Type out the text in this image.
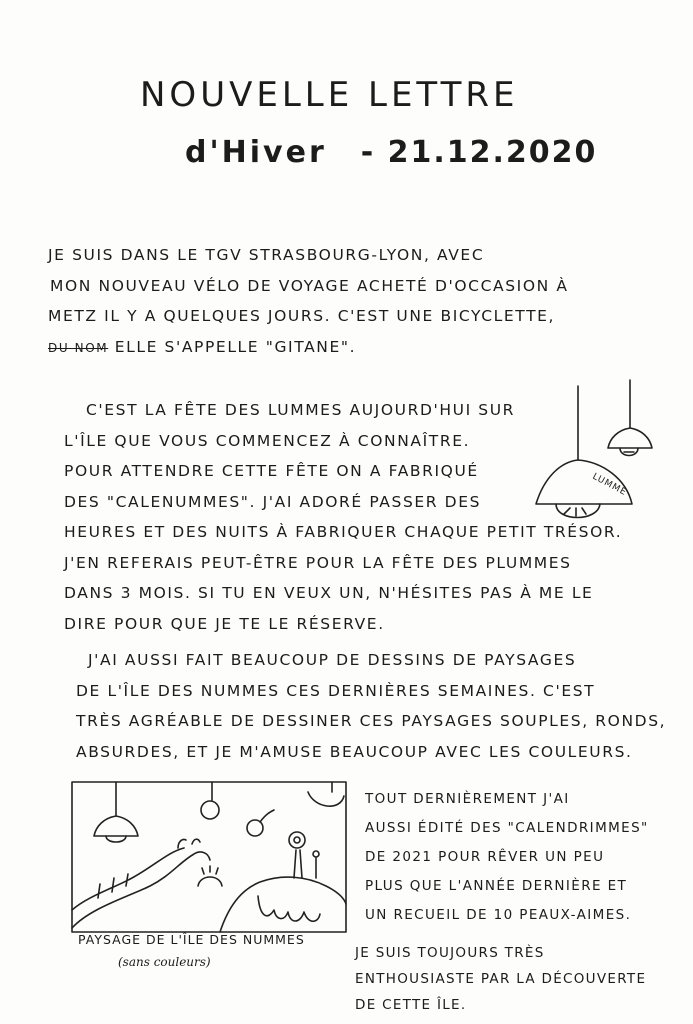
NOUVELLE LETTRE
d'Hiver - 21.12.2020

JE SUIS DANS LE TGV STRASBOURG-LYON, AVEC
MON NOUVEAU VÉLO DE VOYAGE ACHETÉ D'OCCASION À
METZ IL Y A QUELQUES JOURS. C'EST UNE BICYCLETTE,
DU NOM ELLE S'APPELLE "GITANE".

C'EST LA FÊTE DES LUMMES AUJOURD'HUI SUR
L'ÎLE QUE VOUS COMMENCEZ À CONNAÎTRE.
POUR ATTENDRE CETTE FÊTE ON A FABRIQUÉ
DES "CALENUMMES". J'AI ADORÉ PASSER DES
HEURES ET DES NUITS À FABRIQUER CHAQUE PETIT TRÉSOR.
J'EN REFERAIS PEUT-ÊTRE POUR LA FÊTE DES PLUMMES
DANS 3 MOIS. SI TU EN VEUX UN, N'HÉSITES PAS À ME LE
DIRE POUR QUE JE TE LE RÉSERVE.

J'AI AUSSI FAIT BEAUCOUP DE DESSINS DE PAYSAGES
DE L'ÎLE DES NUMMES CES DERNIÈRES SEMAINES. C'EST
TRÈS AGRÉABLE DE DESSINER CES PAYSAGES SOUPLES, RONDS,
ABSURDES, ET JE M'AMUSE BEAUCOUP AVEC LES COULEURS.

TOUT DERNIÈREMENT J'AI
AUSSI ÉDITÉ DES "CALENDRIMMES"
DE 2021 POUR RÊVER UN PEU
PLUS QUE L'ANNÉE DERNIÈRE ET
UN RECUEIL DE 10 PEAUX-AIMES.

JE SUIS TOUJOURS TRÈS
ENTHOUSIASTE PAR LA DÉCOUVERTE
DE CETTE ÎLE.

LUMME

PAYSAGE DE L'ÎLE DES NUMMES

(sans couleurs)
